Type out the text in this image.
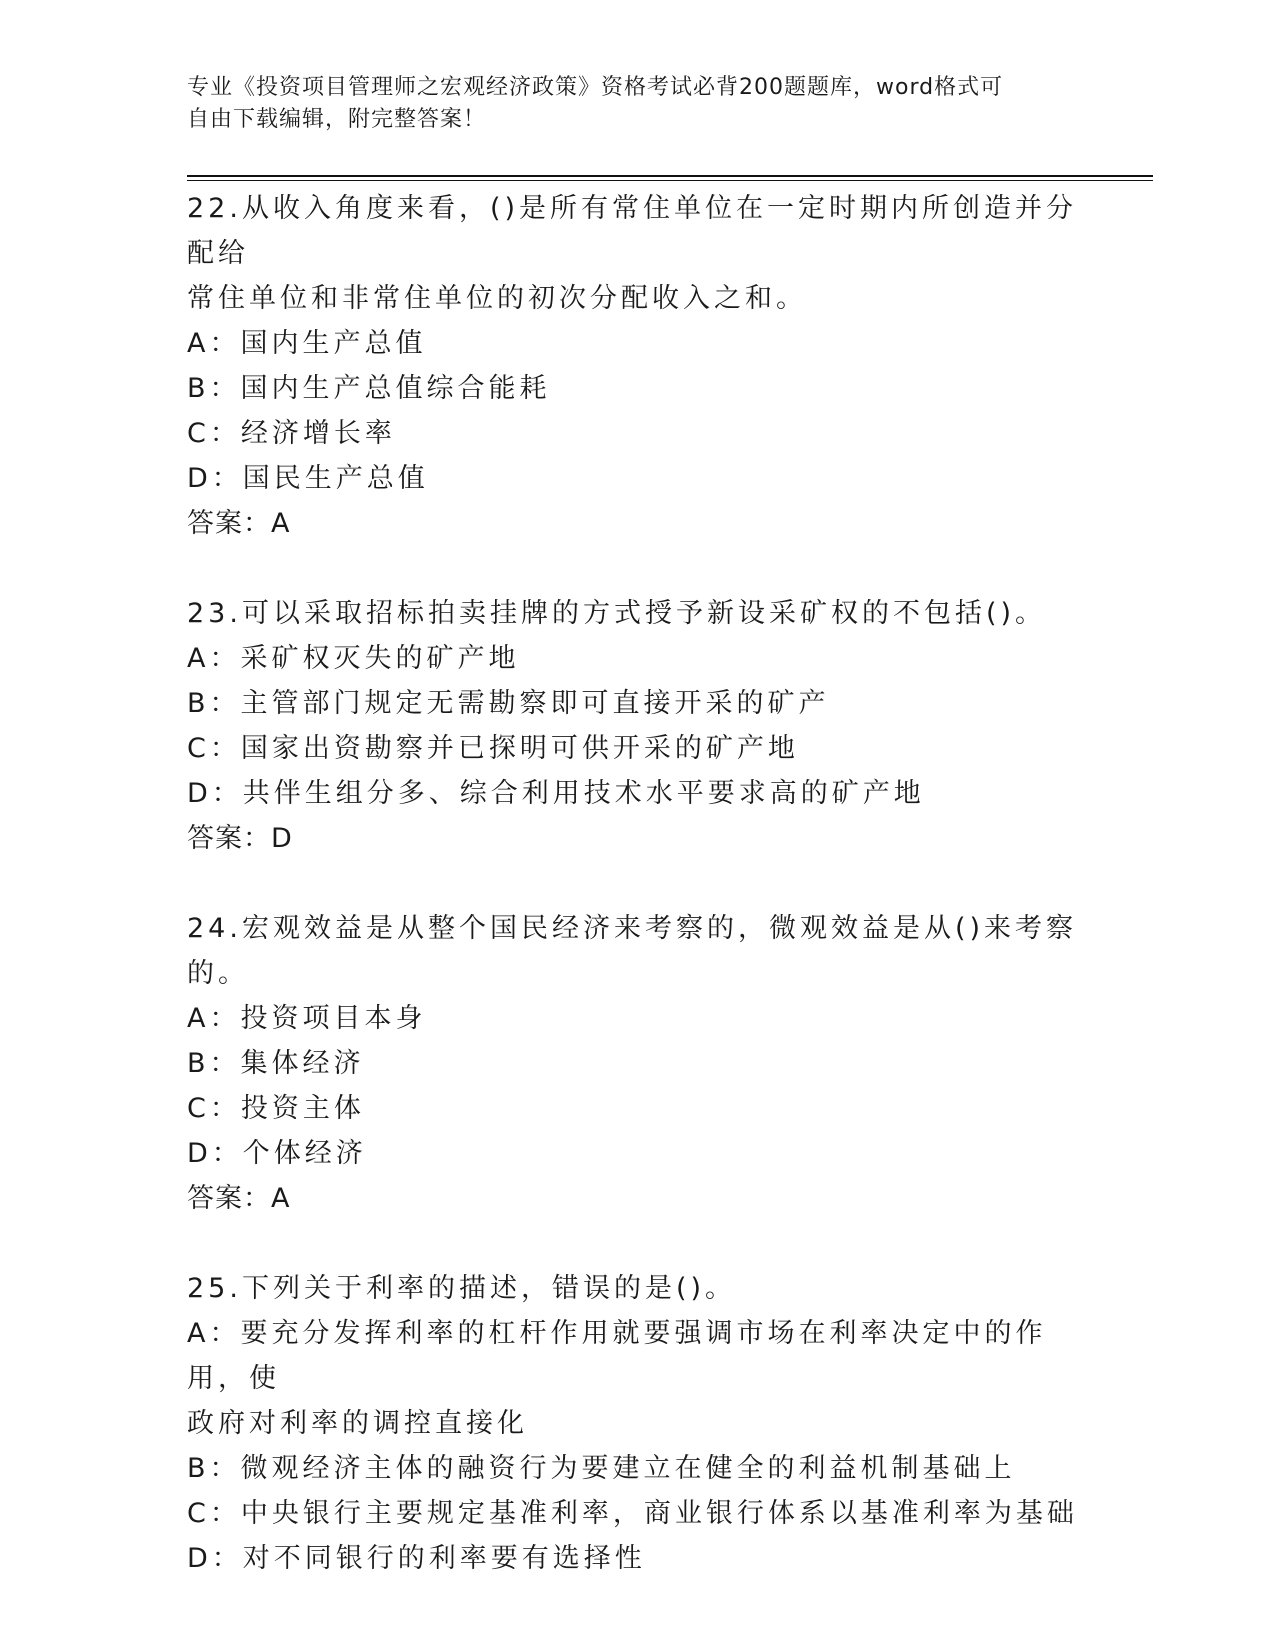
专业《投资项目管理师之宏观经济政策》资格考试必背200题题库，word格式可
自由下载编辑，附完整答案！

22.从收入角度来看，()是所有常住单位在一定时期内所创造并分配给

常住单位和非常住单位的初次分配收入之和。

A：国内生产总值

B：国内生产总值综合能耗

C：经济增长率

D：国民生产总值

答案：A

23.可以采取招标拍卖挂牌的方式授予新设采矿权的不包括()。

A：采矿权灭失的矿产地

B：主管部门规定无需勘察即可直接开采的矿产

C：国家出资勘察并已探明可供开采的矿产地

D：共伴生组分多、综合利用技术水平要求高的矿产地

答案：D

24.宏观效益是从整个国民经济来考察的，微观效益是从()来考察的。

A：投资项目本身

B：集体经济

C：投资主体

D：个体经济

答案：A

25.下列关于利率的描述，错误的是()。

A：要充分发挥利率的杠杆作用就要强调市场在利率决定中的作用，使

政府对利率的调控直接化

B：微观经济主体的融资行为要建立在健全的利益机制基础上

C：中央银行主要规定基准利率，商业银行体系以基准利率为基础

D：对不同银行的利率要有选择性
